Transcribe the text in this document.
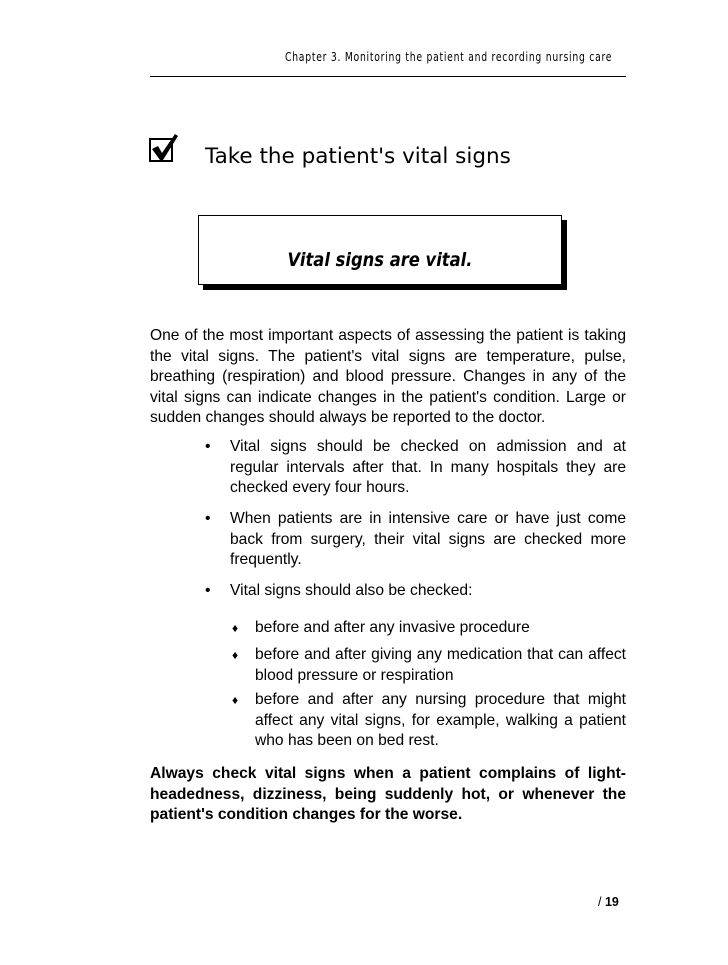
Chapter 3. Monitoring the patient and recording nursing care
Take the patient's vital signs
Vital signs are vital.

One of the most important aspects of assessing the patient is taking the vital signs. The patient's vital signs are temperature, pulse, breathing (respiration) and blood pressure. Changes in any of the vital signs can indicate changes in the patient's condition. Large or sudden changes should always be reported to the doctor.

• Vital signs should be checked on admission and at regular intervals after that. In many hospitals they are checked every four hours.

• When patients are in intensive care or have just come back from surgery, their vital signs are checked more frequently.

• Vital signs should also be checked:

♦ before and after any invasive procedure

♦ before and after giving any medication that can affect blood pressure or respiration

♦ before and after any nursing procedure that might affect any vital signs, for example, walking a patient who has been on bed rest.

Always check vital signs when a patient complains of light-headedness, dizziness, being suddenly hot, or whenever the patient's condition changes for the worse.

/ 19
